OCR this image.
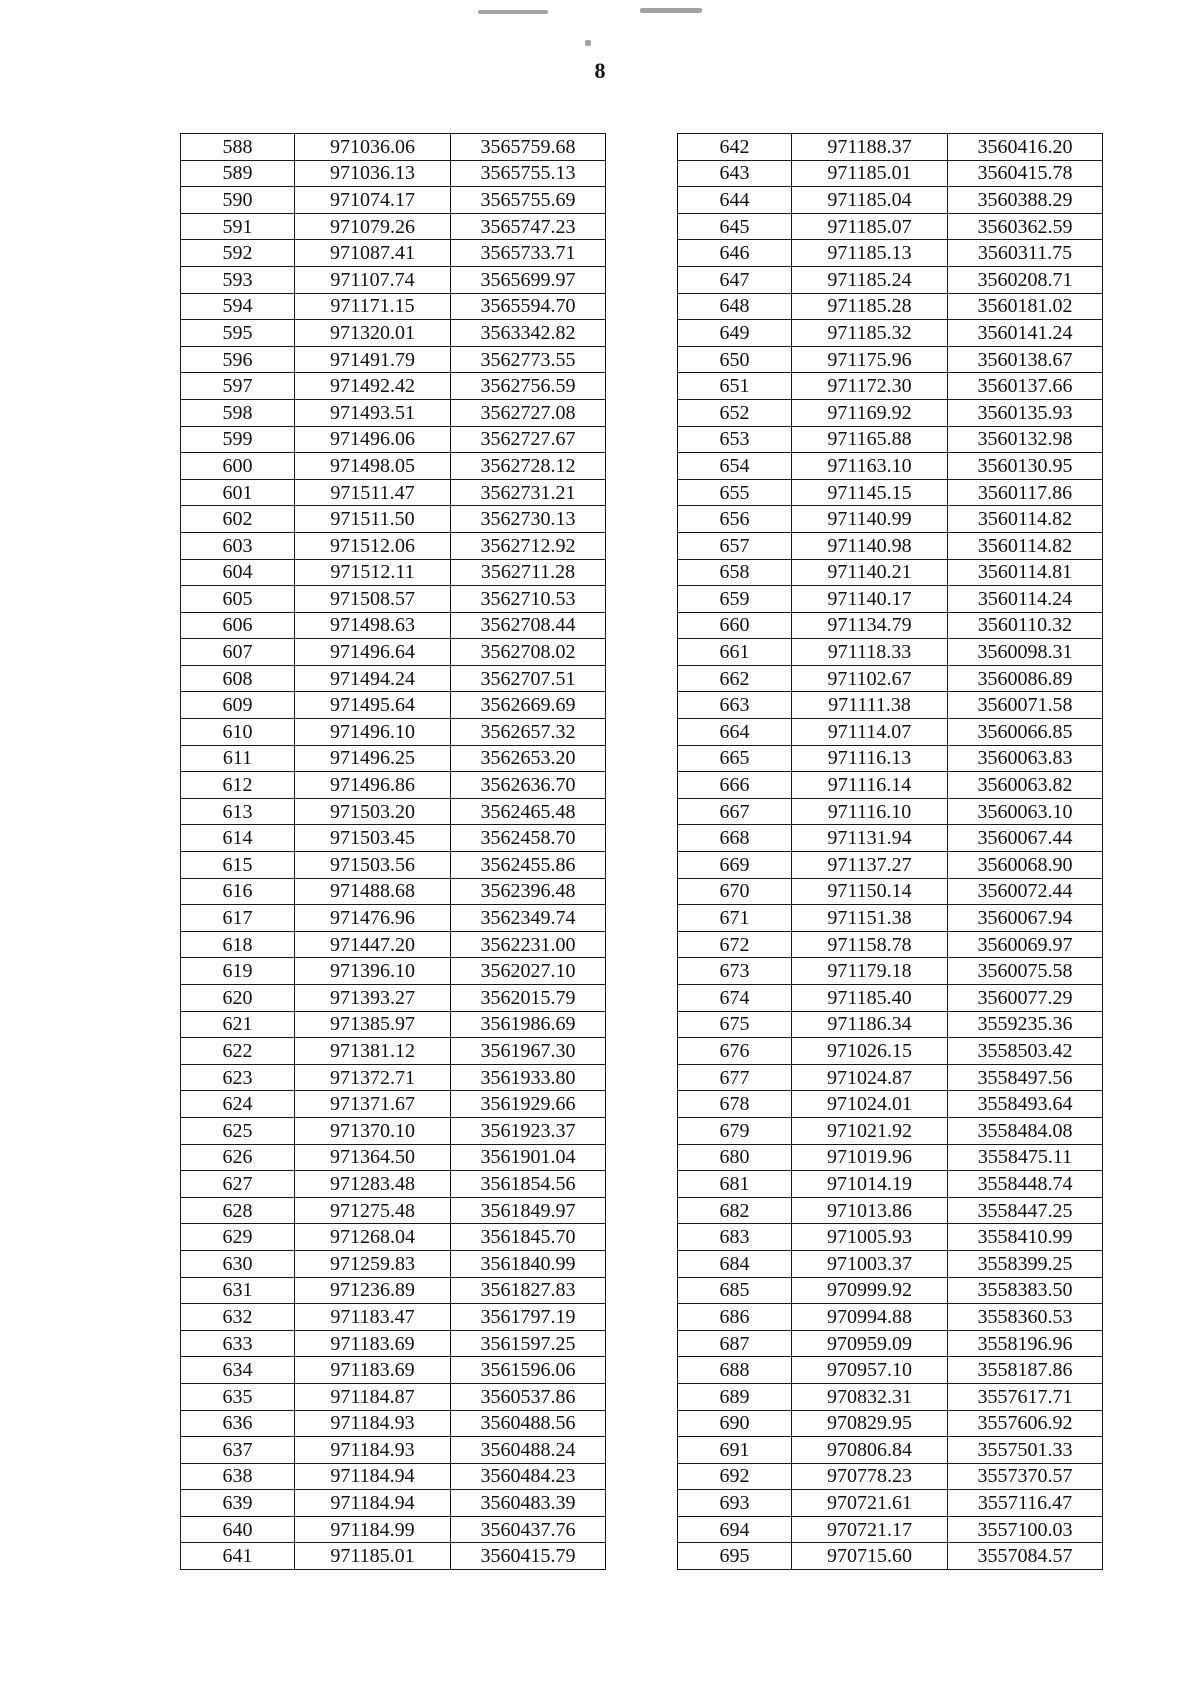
8
588	971036.06	3565759.68
589	971036.13	3565755.13
590	971074.17	3565755.69
591	971079.26	3565747.23
592	971087.41	3565733.71
593	971107.74	3565699.97
594	971171.15	3565594.70
595	971320.01	3563342.82
596	971491.79	3562773.55
597	971492.42	3562756.59
598	971493.51	3562727.08
599	971496.06	3562727.67
600	971498.05	3562728.12
601	971511.47	3562731.21
602	971511.50	3562730.13
603	971512.06	3562712.92
604	971512.11	3562711.28
605	971508.57	3562710.53
606	971498.63	3562708.44
607	971496.64	3562708.02
608	971494.24	3562707.51
609	971495.64	3562669.69
610	971496.10	3562657.32
611	971496.25	3562653.20
612	971496.86	3562636.70
613	971503.20	3562465.48
614	971503.45	3562458.70
615	971503.56	3562455.86
616	971488.68	3562396.48
617	971476.96	3562349.74
618	971447.20	3562231.00
619	971396.10	3562027.10
620	971393.27	3562015.79
621	971385.97	3561986.69
622	971381.12	3561967.30
623	971372.71	3561933.80
624	971371.67	3561929.66
625	971370.10	3561923.37
626	971364.50	3561901.04
627	971283.48	3561854.56
628	971275.48	3561849.97
629	971268.04	3561845.70
630	971259.83	3561840.99
631	971236.89	3561827.83
632	971183.47	3561797.19
633	971183.69	3561597.25
634	971183.69	3561596.06
635	971184.87	3560537.86
636	971184.93	3560488.56
637	971184.93	3560488.24
638	971184.94	3560484.23
639	971184.94	3560483.39
640	971184.99	3560437.76
641	971185.01	3560415.79
642	971188.37	3560416.20
643	971185.01	3560415.78
644	971185.04	3560388.29
645	971185.07	3560362.59
646	971185.13	3560311.75
647	971185.24	3560208.71
648	971185.28	3560181.02
649	971185.32	3560141.24
650	971175.96	3560138.67
651	971172.30	3560137.66
652	971169.92	3560135.93
653	971165.88	3560132.98
654	971163.10	3560130.95
655	971145.15	3560117.86
656	971140.99	3560114.82
657	971140.98	3560114.82
658	971140.21	3560114.81
659	971140.17	3560114.24
660	971134.79	3560110.32
661	971118.33	3560098.31
662	971102.67	3560086.89
663	971111.38	3560071.58
664	971114.07	3560066.85
665	971116.13	3560063.83
666	971116.14	3560063.82
667	971116.10	3560063.10
668	971131.94	3560067.44
669	971137.27	3560068.90
670	971150.14	3560072.44
671	971151.38	3560067.94
672	971158.78	3560069.97
673	971179.18	3560075.58
674	971185.40	3560077.29
675	971186.34	3559235.36
676	971026.15	3558503.42
677	971024.87	3558497.56
678	971024.01	3558493.64
679	971021.92	3558484.08
680	971019.96	3558475.11
681	971014.19	3558448.74
682	971013.86	3558447.25
683	971005.93	3558410.99
684	971003.37	3558399.25
685	970999.92	3558383.50
686	970994.88	3558360.53
687	970959.09	3558196.96
688	970957.10	3558187.86
689	970832.31	3557617.71
690	970829.95	3557606.92
691	970806.84	3557501.33
692	970778.23	3557370.57
693	970721.61	3557116.47
694	970721.17	3557100.03
695	970715.60	3557084.57
